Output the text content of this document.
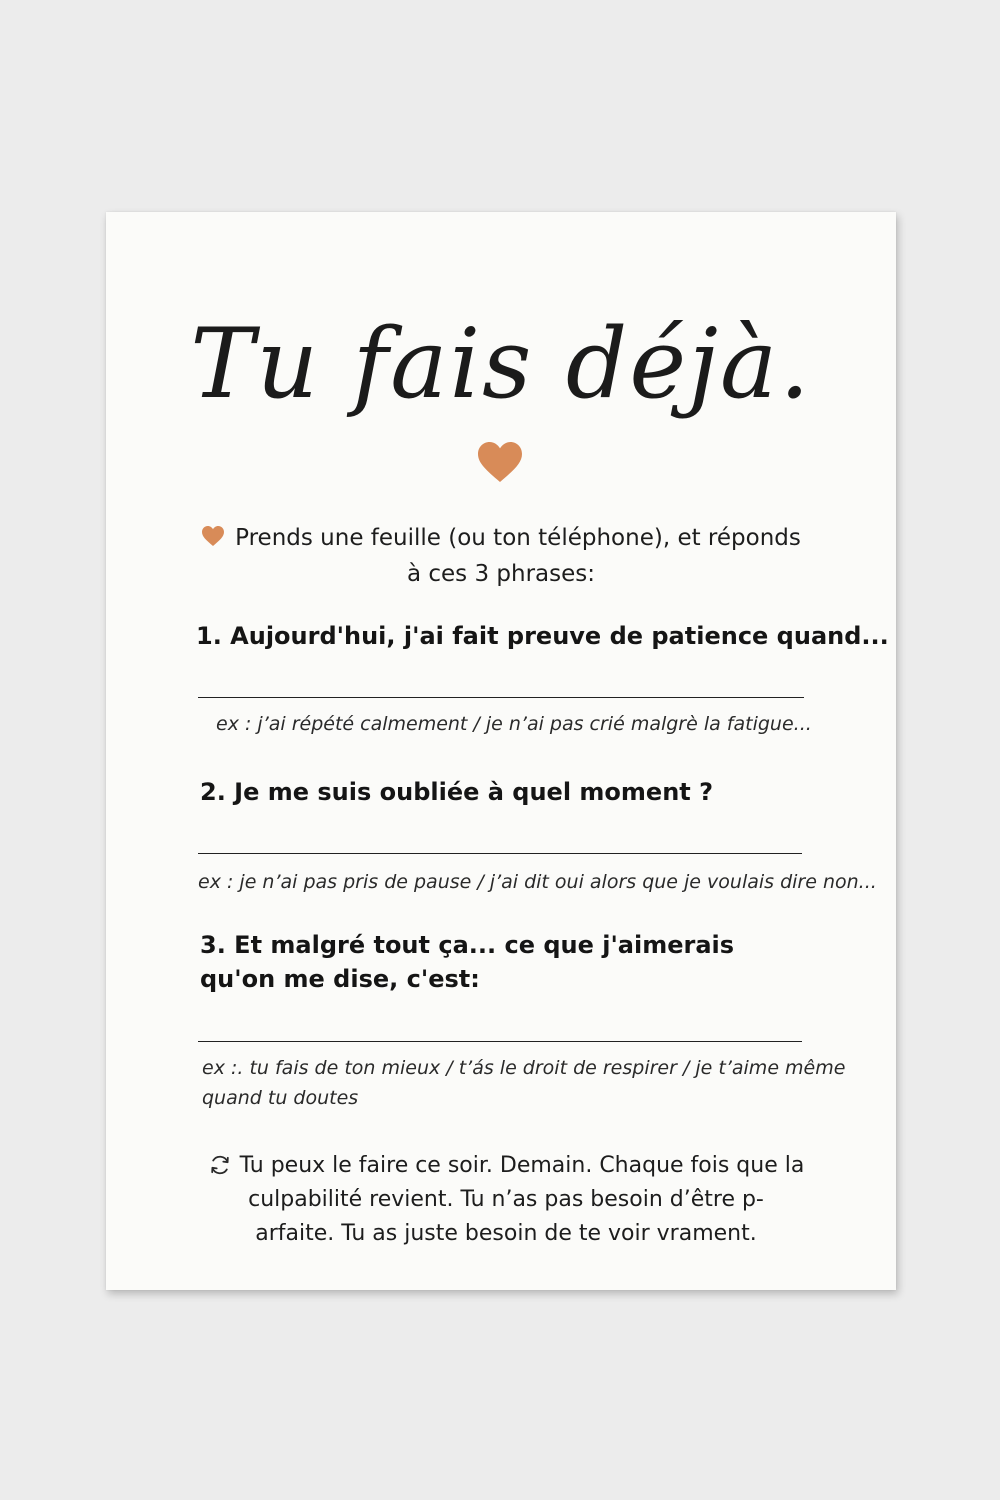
Tu fais déjà.
Prends une feuille (ou ton téléphone), et réponds
à ces 3 phrases:

1. Aujourd'hui, j'ai fait preuve de patience quand...

ex : j’ai répété calmement / je n’ai pas crié malgrè la fatigue...

2. Je me suis oubliée à quel moment ?

ex : je n’ai pas pris de pause / j’ai dit oui alors que je voulais dire non...
3. Et malgré tout ça... ce que j'aimerais
qu'on me dise, c'est:
ex :. tu fais de ton mieux / t’ás le droit de respirer / je t’aime même
quand tu doutes
Tu peux le faire ce soir. Demain. Chaque fois que la
culpabilité revient. Tu n’as pas besoin d’être p-
arfaite. Tu as juste besoin de te voir vrament.
